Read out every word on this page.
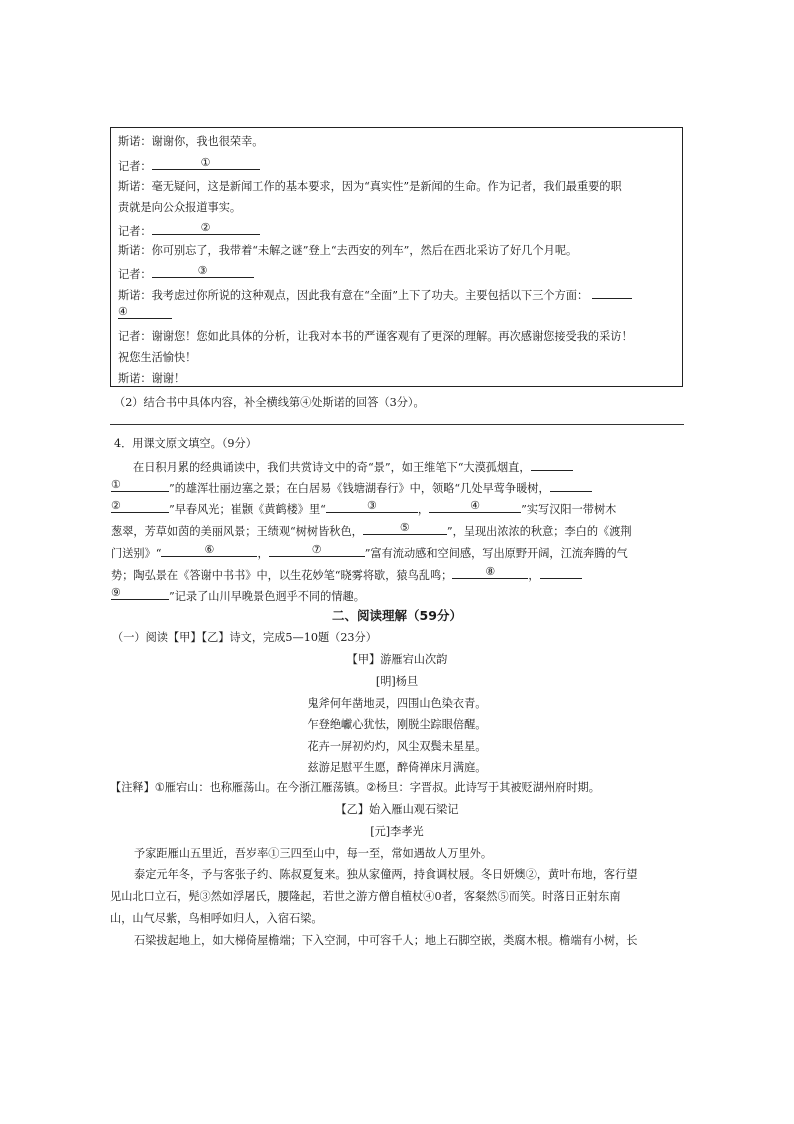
斯诺：谢谢你，我也很荣幸。
记者：	①
斯诺：毫无疑问，这是新闻工作的基本要求，因为“真实性”是新闻的生命。作为记者，我们最重要的职
责就是向公众报道事实。
记者：	②
斯诺：你可别忘了，我带着“未解之谜”登上“去西安的列车”，然后在西北采访了好几个月呢。
记者：	③
斯诺：我考虑过你所说的这种观点，因此我有意在“全面”上下了功夫。主要包括以下三个方面：
④
记者：谢谢您！您如此具体的分析，让我对本书的严谨客观有了更深的理解。再次感谢您接受我的采访！
祝您生活愉快！
斯诺：谢谢！
（2）结合书中具体内容，补全横线第④处斯诺的回答（3分）。
4．用课文原文填空。（9分）
在日积月累的经典诵读中，我们共赏诗文中的奇“景”，如王维笔下“大漠孤烟直，
①	”的雄浑壮丽边塞之景；在白居易《钱塘湖春行》中，领略“几处早莺争暖树，
②	”早春风光；崔颢《黄鹤楼》里“	③	，	④	”实写汉阳一带树木
葱翠，芳草如茵的美丽风景；王绩观“树树皆秋色，	⑤	”，呈现出浓浓的秋意；李白的《渡荆
门送别》“	⑥	，	⑦	”富有流动感和空间感，写出原野开阔，江流奔腾的气
势；陶弘景在《答谢中书书》中，以生花妙笔“晓雾将歇，猿鸟乱鸣；	⑧	，
⑨	”记录了山川早晚景色迥乎不同的情趣。
二、阅读理解（59分）
（一）阅读【甲】【乙】诗文，完成5—10题（23分）
【甲】游雁宕山次韵
[明]杨旦
鬼斧何年凿地灵，四围山色染衣青。
乍登绝巘心犹怯，刚脱尘踪眼倍醒。
花卉一屏初灼灼，风尘双鬓未星星。
兹游足慰平生愿，醉倚禅床月满庭。
【注释】①雁宕山：也称雁荡山。在今浙江雁荡镇。②杨旦：字晋叔。此诗写于其被贬湖州府时期。
【乙】始入雁山观石梁记
[元]李孝光
予家距雁山五里近，吾岁率①三四至山中，每一至，常如遇故人万里外。
泰定元年冬，予与客张子约、陈叔夏复来。独从家僮两，持食调杖屐。冬日妍燠②，黄叶布地，客行望
见山北口立石，髡③然如浮屠氏，腰隆起，若世之游方僧自植杖④0者，客粲然⑤而笑。时落日正射东南
山，山气尽紫，鸟相呼如归人，入宿石梁。
石梁拔起地上，如大梯倚屋檐端；下入空洞，中可容千人；地上石脚空嵌，类腐木根。檐端有小树，长
